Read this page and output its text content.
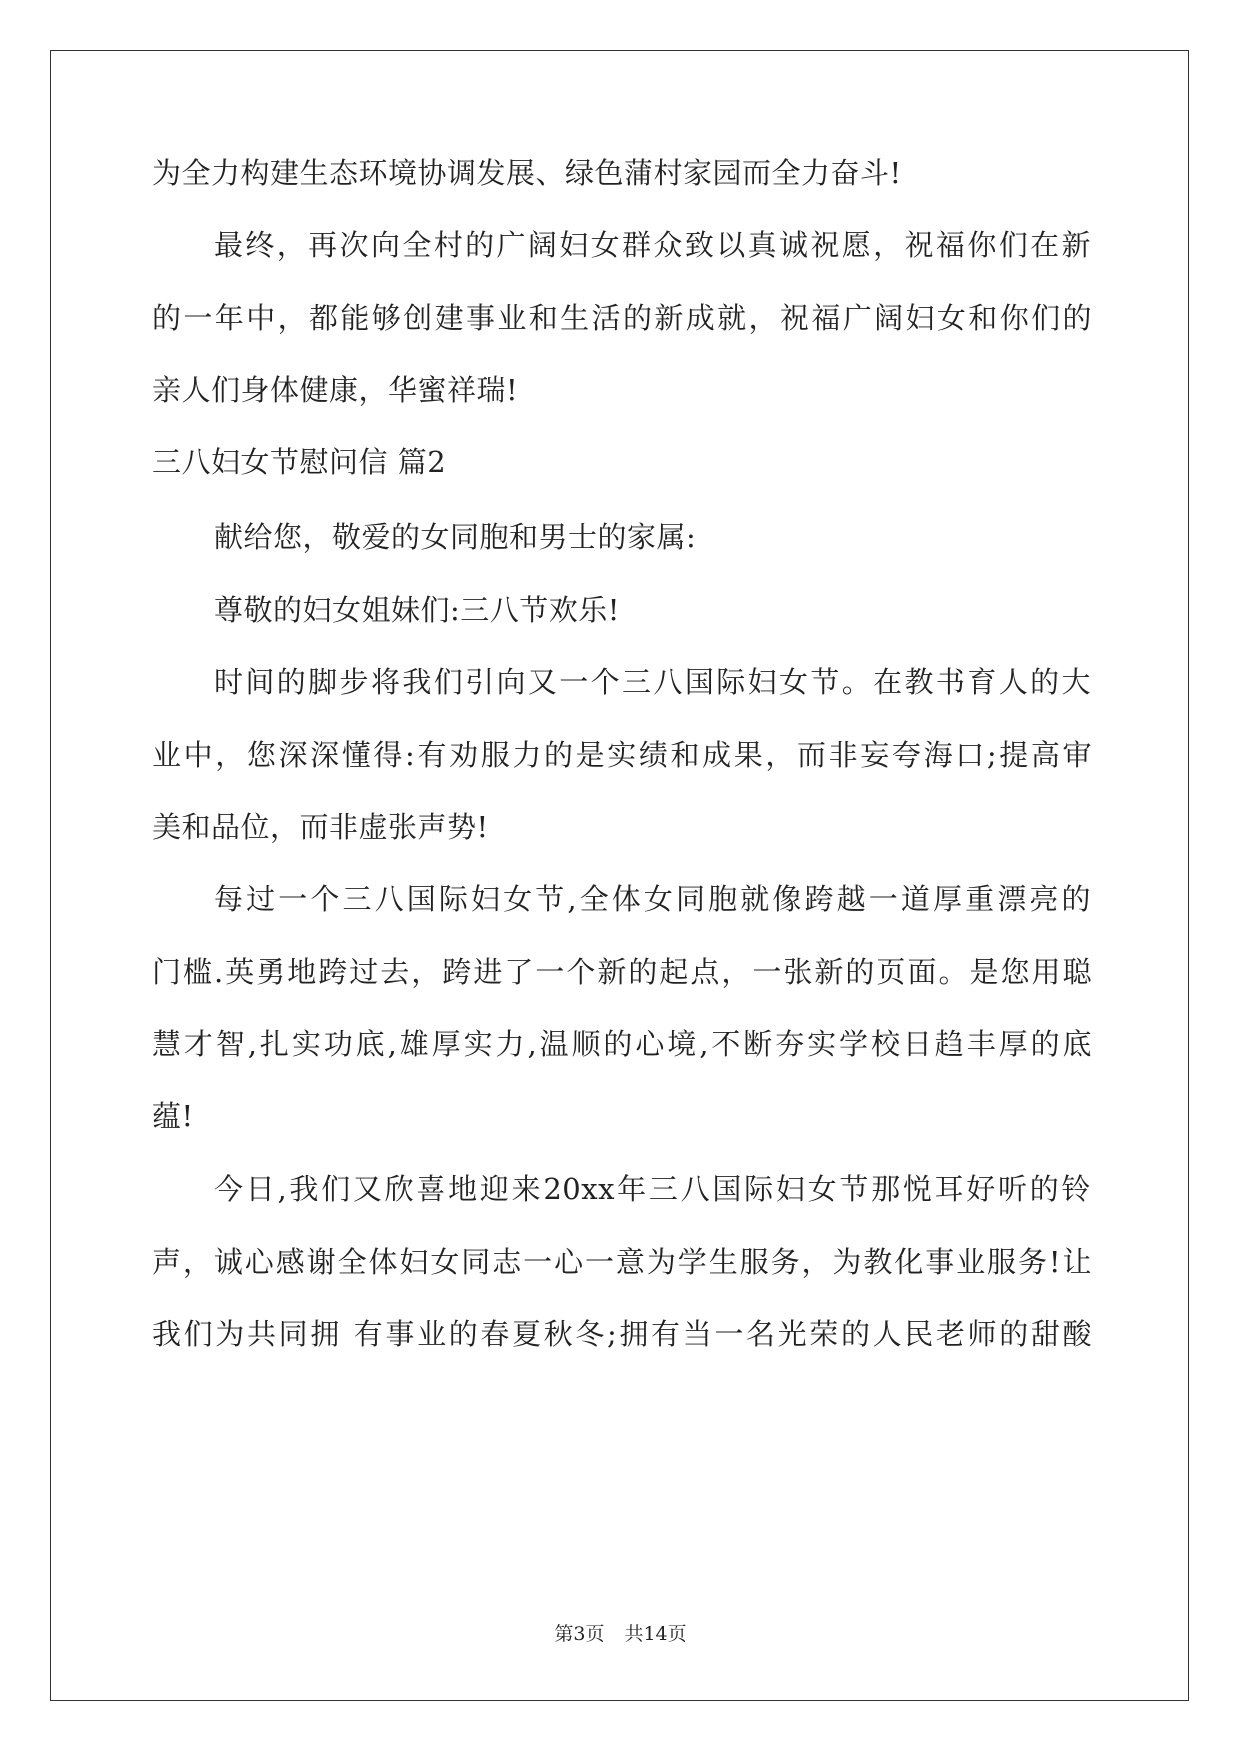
为全力构建生态环境协调发展、绿色蒲村家园而全力奋斗!
最终，再次向全村的广阔妇女群众致以真诚祝愿，祝福你们在新
的一年中，都能够创建事业和生活的新成就，祝福广阔妇女和你们的
亲人们身体健康，华蜜祥瑞!
三八妇女节慰问信 篇2
献给您，敬爱的女同胞和男士的家属:
尊敬的妇女姐妹们:三八节欢乐!
时间的脚步将我们引向又一个三八国际妇女节。在教书育人的大
业中，您深深懂得:有劝服力的是实绩和成果，而非妄夸海口;提高审
美和品位，而非虚张声势!
每过一个三八国际妇女节,全体女同胞就像跨越一道厚重漂亮的
门槛.英勇地跨过去，跨进了一个新的起点，一张新的页面。是您用聪
慧才智,扎实功底,雄厚实力,温顺的心境,不断夯实学校日趋丰厚的底
蕴!
今日,我们又欣喜地迎来20xx年三八国际妇女节那悦耳好听的铃
声，诚心感谢全体妇女同志一心一意为学生服务，为教化事业服务!让
我们为共同拥 有事业的春夏秋冬;拥有当一名光荣的人民老师的甜酸
第3页 共14页
